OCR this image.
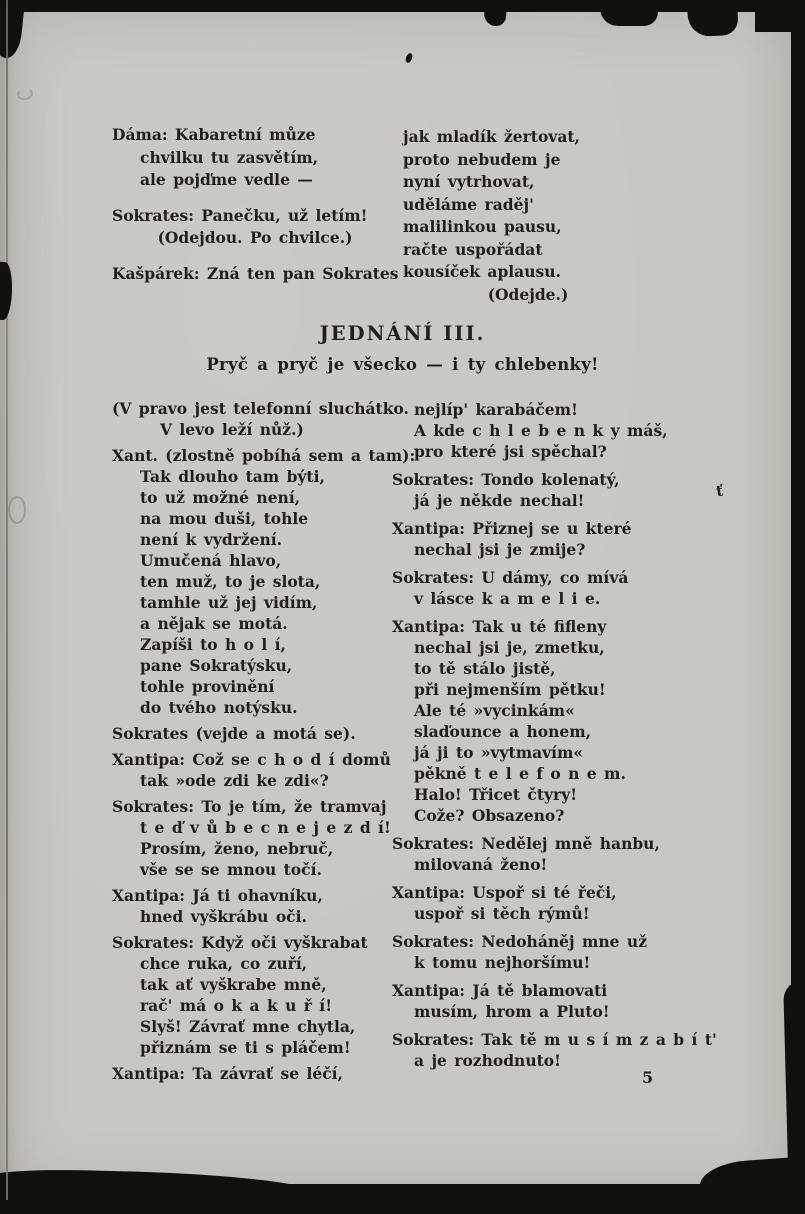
ť
Dáma: Kabaretní můze
chvilku tu zasvětím,
ale pojďme vedle —
Sokrates: Panečku, už letím!
(Odejdou. Po chvilce.)
Kašpárek: Zná ten pan Sokrates
jak mladík žertovat,
proto nebudem je
nyní vytrhovat,
uděláme raděj'
malilinkou pausu,
račte uspořádat
kousíček aplausu.
(Odejde.)
JEDNÁNÍ III.
Pryč a pryč je všecko — i ty chlebenky!
(V pravo jest telefonní sluchátko.
V levo leží nůž.)
Xant. (zlostně pobíhá sem a tam):
Tak dlouho tam býti,
to už možné není,
na mou duši, tohle
není k vydržení.
Umučená hlavo,
ten muž, to je slota,
tamhle už jej vidím,
a nějak se motá.
Zapíši to h o l í,
pane Sokratýsku,
tohle provinění
do tvého notýsku.
Sokrates (vejde a motá se).
Xantipa: Což se c h o d í domů
tak »ode zdi ke zdi«?
Sokrates: To je tím, že tramvaj
t e ď v ů b e c n e j e z d í!
Prosím, ženo, nebruč,
vše se se mnou točí.
Xantipa: Já ti ohavníku,
hned vyškrábu oči.
Sokrates: Když oči vyškrabat
chce ruka, co zuří,
tak ať vyškrabe mně,
rač' má o k a k u ř í!
Slyš! Závrať mne chytla,
přiznám se ti s pláčem!
Xantipa: Ta závrať se léčí,
nejlíp' karabáčem!
A kde c h l e b e n k y máš,
pro které jsi spěchal?
Sokrates: Tondo kolenatý,
já je někde nechal!
Xantipa: Přiznej se u které
nechal jsi je zmije?
Sokrates: U dámy, co mívá
v lásce k a m e l i e.
Xantipa: Tak u té fifleny
nechal jsi je, zmetku,
to tě stálo jistě,
při nejmenším pětku!
Ale té »vycinkám«
slaďounce a honem,
já ji to »vytmavím«
pěkně t e l e f o n e m.
Halo! Třicet čtyry!
Cože? Obsazeno?
Sokrates: Nedělej mně hanbu,
milovaná ženo!
Xantipa: Uspoř si té řeči,
uspoř si těch rýmů!
Sokrates: Nedoháněj mne už
k tomu nejhoršímu!
Xantipa: Já tě blamovati
musím, hrom a Pluto!
Sokrates: Tak tě m u s í m z a b í t'
a je rozhodnuto!
5
